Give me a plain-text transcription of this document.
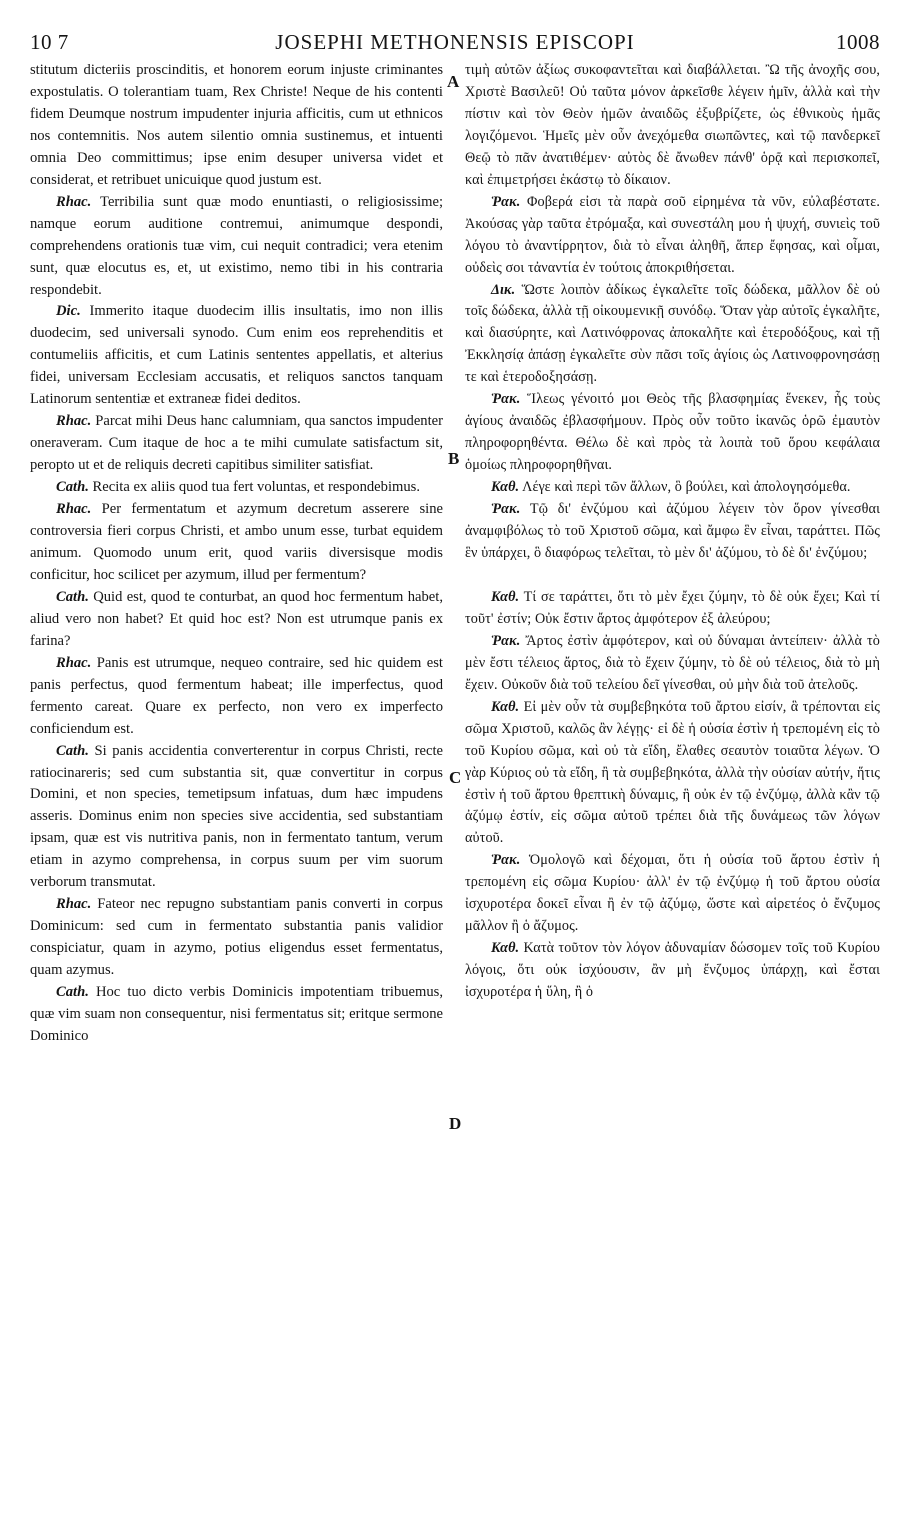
10 7	JOSEPHI METHONENSIS EPISCOPI	1008
A
B
C
D

stitutum dicteriis proscinditis, et honorem eorum injuste criminantes expostulatis. O tolerantiam tuam, Rex Christe! Neque de his contenti fidem Deumque nostrum impudenter injuria afficitis, cum ut ethnicos nos contemnitis. Nos autem silentio omnia sustinemus, et intuenti omnia Deo committimus; ipse enim desuper universa videt et considerat, et retribuet unicuique quod justum est.

Rhac. Terribilia sunt quæ modo enuntiasti, o religiosissime; namque eorum auditione contremui, animumque despondi, comprehendens orationis tuæ vim, cui nequit contradici; vera etenim sunt, quæ elocutus es, et, ut existimo, nemo tibi in his contraria respondebit.

Dic. Immerito itaque duodecim illis insultatis, imo non illis duodecim, sed universali synodo. Cum enim eos reprehenditis et contumeliis afficitis, et cum Latinis sententes appellatis, et alterius fidei, universam Ecclesiam accusatis, et reliquos sanctos tanquam Latinorum sententiæ et extraneæ fidei deditos.

Rhac. Parcat mihi Deus hanc calumniam, qua sanctos impudenter oneraveram. Cum itaque de hoc a te mihi cumulate satisfactum sit, peropto ut et de reliquis decreti capitibus similiter satisfiat.

Cath. Recita ex aliis quod tua fert voluntas, et respondebimus.

Rhac. Per fermentatum et azymum decretum asserere sine controversia fieri corpus Christi, et ambo unum esse, turbat equidem animum. Quomodo unum erit, quod variis diversisque modis conficitur, hoc scilicet per azymum, illud per fermentum?

Cath. Quid est, quod te conturbat, an quod hoc fermentum habet, aliud vero non habet? Et quid hoc est? Non est utrumque panis ex farina?

Rhac. Panis est utrumque, nequeo contraire, sed hic quidem est panis perfectus, quod fermentum habeat; ille imperfectus, quod fermento careat. Quare ex perfecto, non vero ex imperfecto conficiendum est.

Cath. Si panis accidentia converterentur in corpus Christi, recte ratiocinareris; sed cum substantia sit, quæ convertitur in corpus Domini, et non species, temetipsum infatuas, dum hæc impudens asseris. Dominus enim non species sive accidentia, sed substantiam ipsam, quæ est vis nutritiva panis, non in fermentato tantum, verum etiam in azymo comprehensa, in corpus suum per vim suorum verborum transmutat.

Rhac. Fateor nec repugno substantiam panis converti in corpus Dominicum: sed cum in fermentato substantia panis validior conspiciatur, quam in azymo, potius eligendus esset fermentatus, quam azymus.

Cath. Hoc tuo dicto verbis Dominicis impotentiam tribuemus, quæ vim suam non consequentur, nisi fermentatus sit; eritque sermone Dominico

τιμὴ αὐτῶν ἀξίως συκοφαντεῖται καὶ διαβάλλεται. Ὢ τῆς ἀνοχῆς σου, Χριστὲ Βασιλεῦ! Οὐ ταῦτα μόνον ἀρκεῖσθε λέγειν ἡμῖν, ἀλλὰ καὶ τὴν πίστιν καὶ τὸν Θεὸν ἡμῶν ἀναιδῶς ἐξυβρίζετε, ὡς ἐθνικοὺς ἡμᾶς λογιζόμενοι. Ἡμεῖς μὲν οὖν ἀνεχόμεθα σιωπῶντες, καὶ τῷ πανδερκεῖ Θεῷ τὸ πᾶν ἀνατιθέμεν· αὐτὸς δὲ ἄνωθεν πάνθ' ὁρᾷ καὶ περισκοπεῖ, καὶ ἐπιμετρήσει ἑκάστῳ τὸ δίκαιον.

Ῥακ. Φοβερά εἰσι τὰ παρὰ σοῦ εἰρημένα τὰ νῦν, εὐλαβέστατε. Ἀκούσας γὰρ ταῦτα ἐτρόμαξα, καὶ συνεστάλη μου ἡ ψυχή, συνιεὶς τοῦ λόγου τὸ ἀναντίρρητον, διὰ τὸ εἶναι ἀληθῆ, ἅπερ ἔφησας, καὶ οἶμαι, οὐδεὶς σοι τἀναντία ἐν τούτοις ἀποκριθήσεται.

Δικ. Ὥστε λοιπὸν ἀδίκως ἐγκαλεῖτε τοῖς δώδεκα, μᾶλλον δὲ οὐ τοῖς δώδεκα, ἀλλὰ τῇ οἰκουμενικῇ συνόδῳ. Ὅταν γὰρ αὐτοῖς ἐγκαλῆτε, καὶ διασύρητε, καὶ Λατινόφρονας ἀποκαλῆτε καὶ ἑτεροδόξους, καὶ τῇ Ἐκκλησίᾳ ἁπάσῃ ἐγκαλεῖτε σὺν πᾶσι τοῖς ἁγίοις ὡς Λατινοφρονησάσῃ τε καὶ ἑτεροδοξησάσῃ.

Ῥακ. Ἵλεως γένοιτό μοι Θεὸς τῆς βλασφημίας ἕνεκεν, ἧς τοὺς ἁγίους ἀναιδῶς ἐβλασφήμουν. Πρὸς οὖν τοῦτο ἱκανῶς ὁρῶ ἐμαυτὸν πληροφορηθέντα. Θέλω δὲ καὶ πρὸς τὰ λοιπὰ τοῦ ὅρου κεφάλαια ὁμοίως πληροφορηθῆναι.

Καθ. Λέγε καὶ περὶ τῶν ἄλλων, ὃ βούλει, καὶ ἀπολογησόμεθα.

Ῥακ. Τῷ δι' ἐνζύμου καὶ ἀζύμου λέγειν τὸν ὅρον γίνεσθαι ἀναμφιβόλως τὸ τοῦ Χριστοῦ σῶμα, καὶ ἄμφω ἓν εἶναι, ταράττει. Πῶς ἓν ὑπάρχει, ὃ διαφόρως τελεῖται, τὸ μὲν δι' ἀζύμου, τὸ δὲ δι' ἐνζύμου;

Καθ. Τί σε ταράττει, ὅτι τὸ μὲν ἔχει ζύμην, τὸ δὲ οὐκ ἔχει; Καὶ τί τοῦτ' ἐστίν; Οὐκ ἔστιν ἄρτος ἀμφότερον ἐξ ἀλεύρου;

Ῥακ. Ἄρτος ἐστὶν ἀμφότερον, καὶ οὐ δύναμαι ἀντείπειν· ἀλλὰ τὸ μὲν ἔστι τέλειος ἄρτος, διὰ τὸ ἔχειν ζύμην, τὸ δὲ οὐ τέλειος, διὰ τὸ μὴ ἔχειν. Οὐκοῦν διὰ τοῦ τελείου δεῖ γίνεσθαι, οὐ μὴν διὰ τοῦ ἀτελοῦς.

Καθ. Εἰ μὲν οὖν τὰ συμβεβηκότα τοῦ ἄρτου εἰσίν, ἃ τρέπονται εἰς σῶμα Χριστοῦ, καλῶς ἂν λέγῃς· εἰ δὲ ἡ οὐσία ἐστὶν ἡ τρεπομένη εἰς τὸ τοῦ Κυρίου σῶμα, καὶ οὐ τὰ εἴδη, ἔλαθες σεαυτὸν τοιαῦτα λέγων. Ὁ γὰρ Κύριος οὐ τὰ εἴδη, ἢ τὰ συμβεβηκότα, ἀλλὰ τὴν οὐσίαν αὐτήν, ἥτις ἐστὶν ἡ τοῦ ἄρτου θρεπτικὴ δύναμις, ἣ οὐκ ἐν τῷ ἐνζύμῳ, ἀλλὰ κἂν τῷ ἀζύμῳ ἐστίν, εἰς σῶμα αὐτοῦ τρέπει διὰ τῆς δυνάμεως τῶν λόγων αὐτοῦ.

Ῥακ. Ὁμολογῶ καὶ δέχομαι, ὅτι ἡ οὐσία τοῦ ἄρτου ἐστὶν ἡ τρεπομένη εἰς σῶμα Κυρίου· ἀλλ' ἐν τῷ ἐνζύμῳ ἡ τοῦ ἄρτου οὐσία ἰσχυροτέρα δοκεῖ εἶναι ἢ ἐν τῷ ἀζύμῳ, ὥστε καὶ αἱρετέος ὁ ἔνζυμος μᾶλλον ἢ ὁ ἄζυμος.

Καθ. Κατὰ τοῦτον τὸν λόγον ἀδυναμίαν δώσομεν τοῖς τοῦ Κυρίου λόγοις, ὅτι οὐκ ἰσχύουσιν, ἂν μὴ ἔνζυμος ὑπάρχῃ, καὶ ἔσται ἰσχυροτέρα ἡ ὕλη, ἢ ὁ
